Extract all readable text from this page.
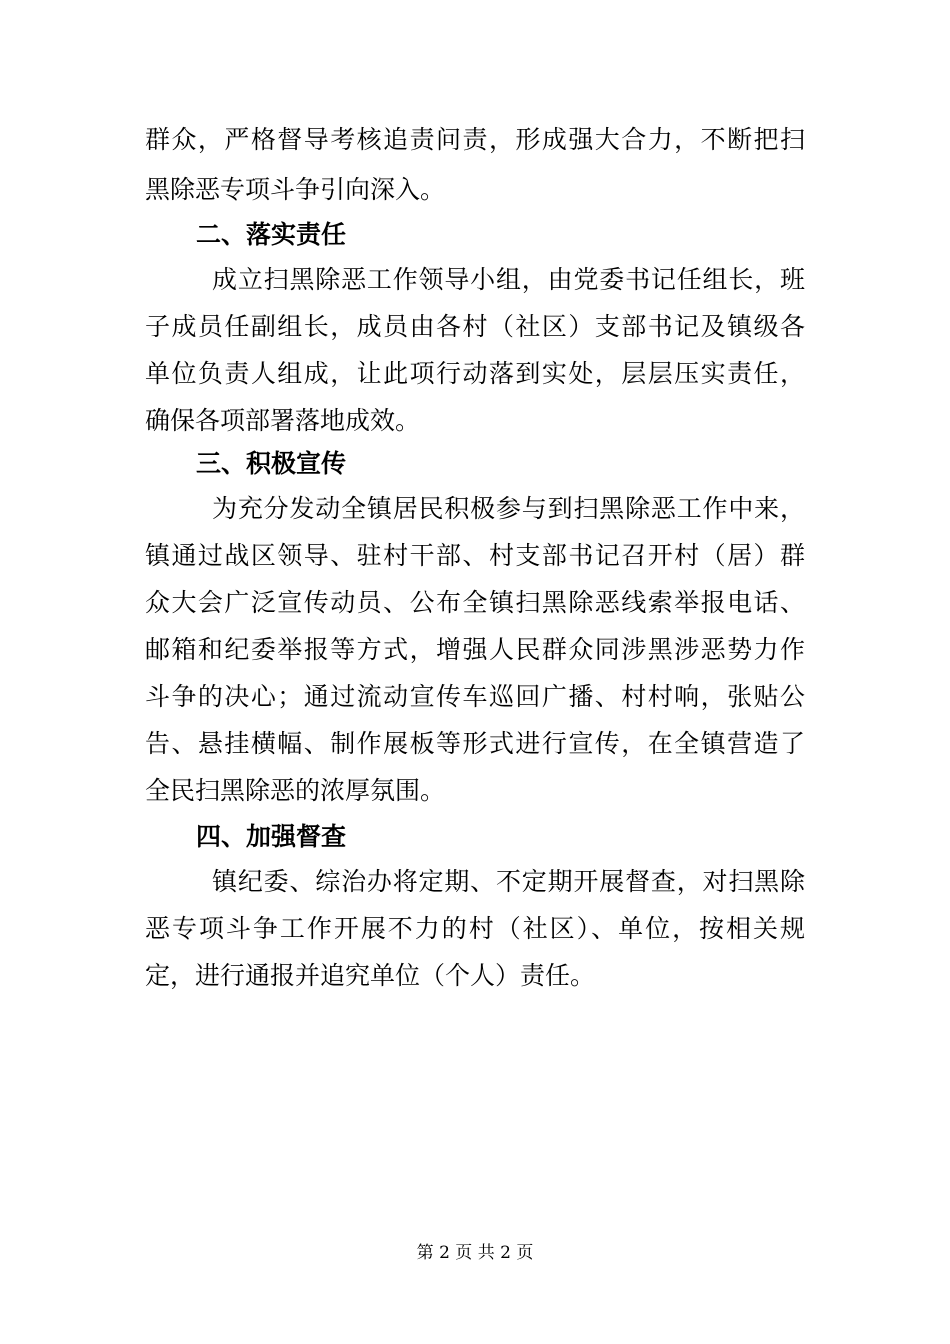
群众，严格督导考核追责问责，形成强大合力，不断把扫
黑除恶专项斗争引向深入。
二、落实责任
成立扫黑除恶工作领导小组，由党委书记任组长，班
子成员任副组长，成员由各村（社区）支部书记及镇级各
单位负责人组成，让此项行动落到实处，层层压实责任，
确保各项部署落地成效。
三、积极宣传
为充分发动全镇居民积极参与到扫黑除恶工作中来，
镇通过战区领导、驻村干部、村支部书记召开村（居）群
众大会广泛宣传动员、公布全镇扫黑除恶线索举报电话、
邮箱和纪委举报等方式，增强人民群众同涉黑涉恶势力作
斗争的决心；通过流动宣传车巡回广播、村村响，张贴公
告、悬挂横幅、制作展板等形式进行宣传，在全镇营造了
全民扫黑除恶的浓厚氛围。
四、加强督查
镇纪委、综治办将定期、不定期开展督查，对扫黑除
恶专项斗争工作开展不力的村（社区）、单位，按相关规
定，进行通报并追究单位（个人）责任。
第 2 页 共 2 页
